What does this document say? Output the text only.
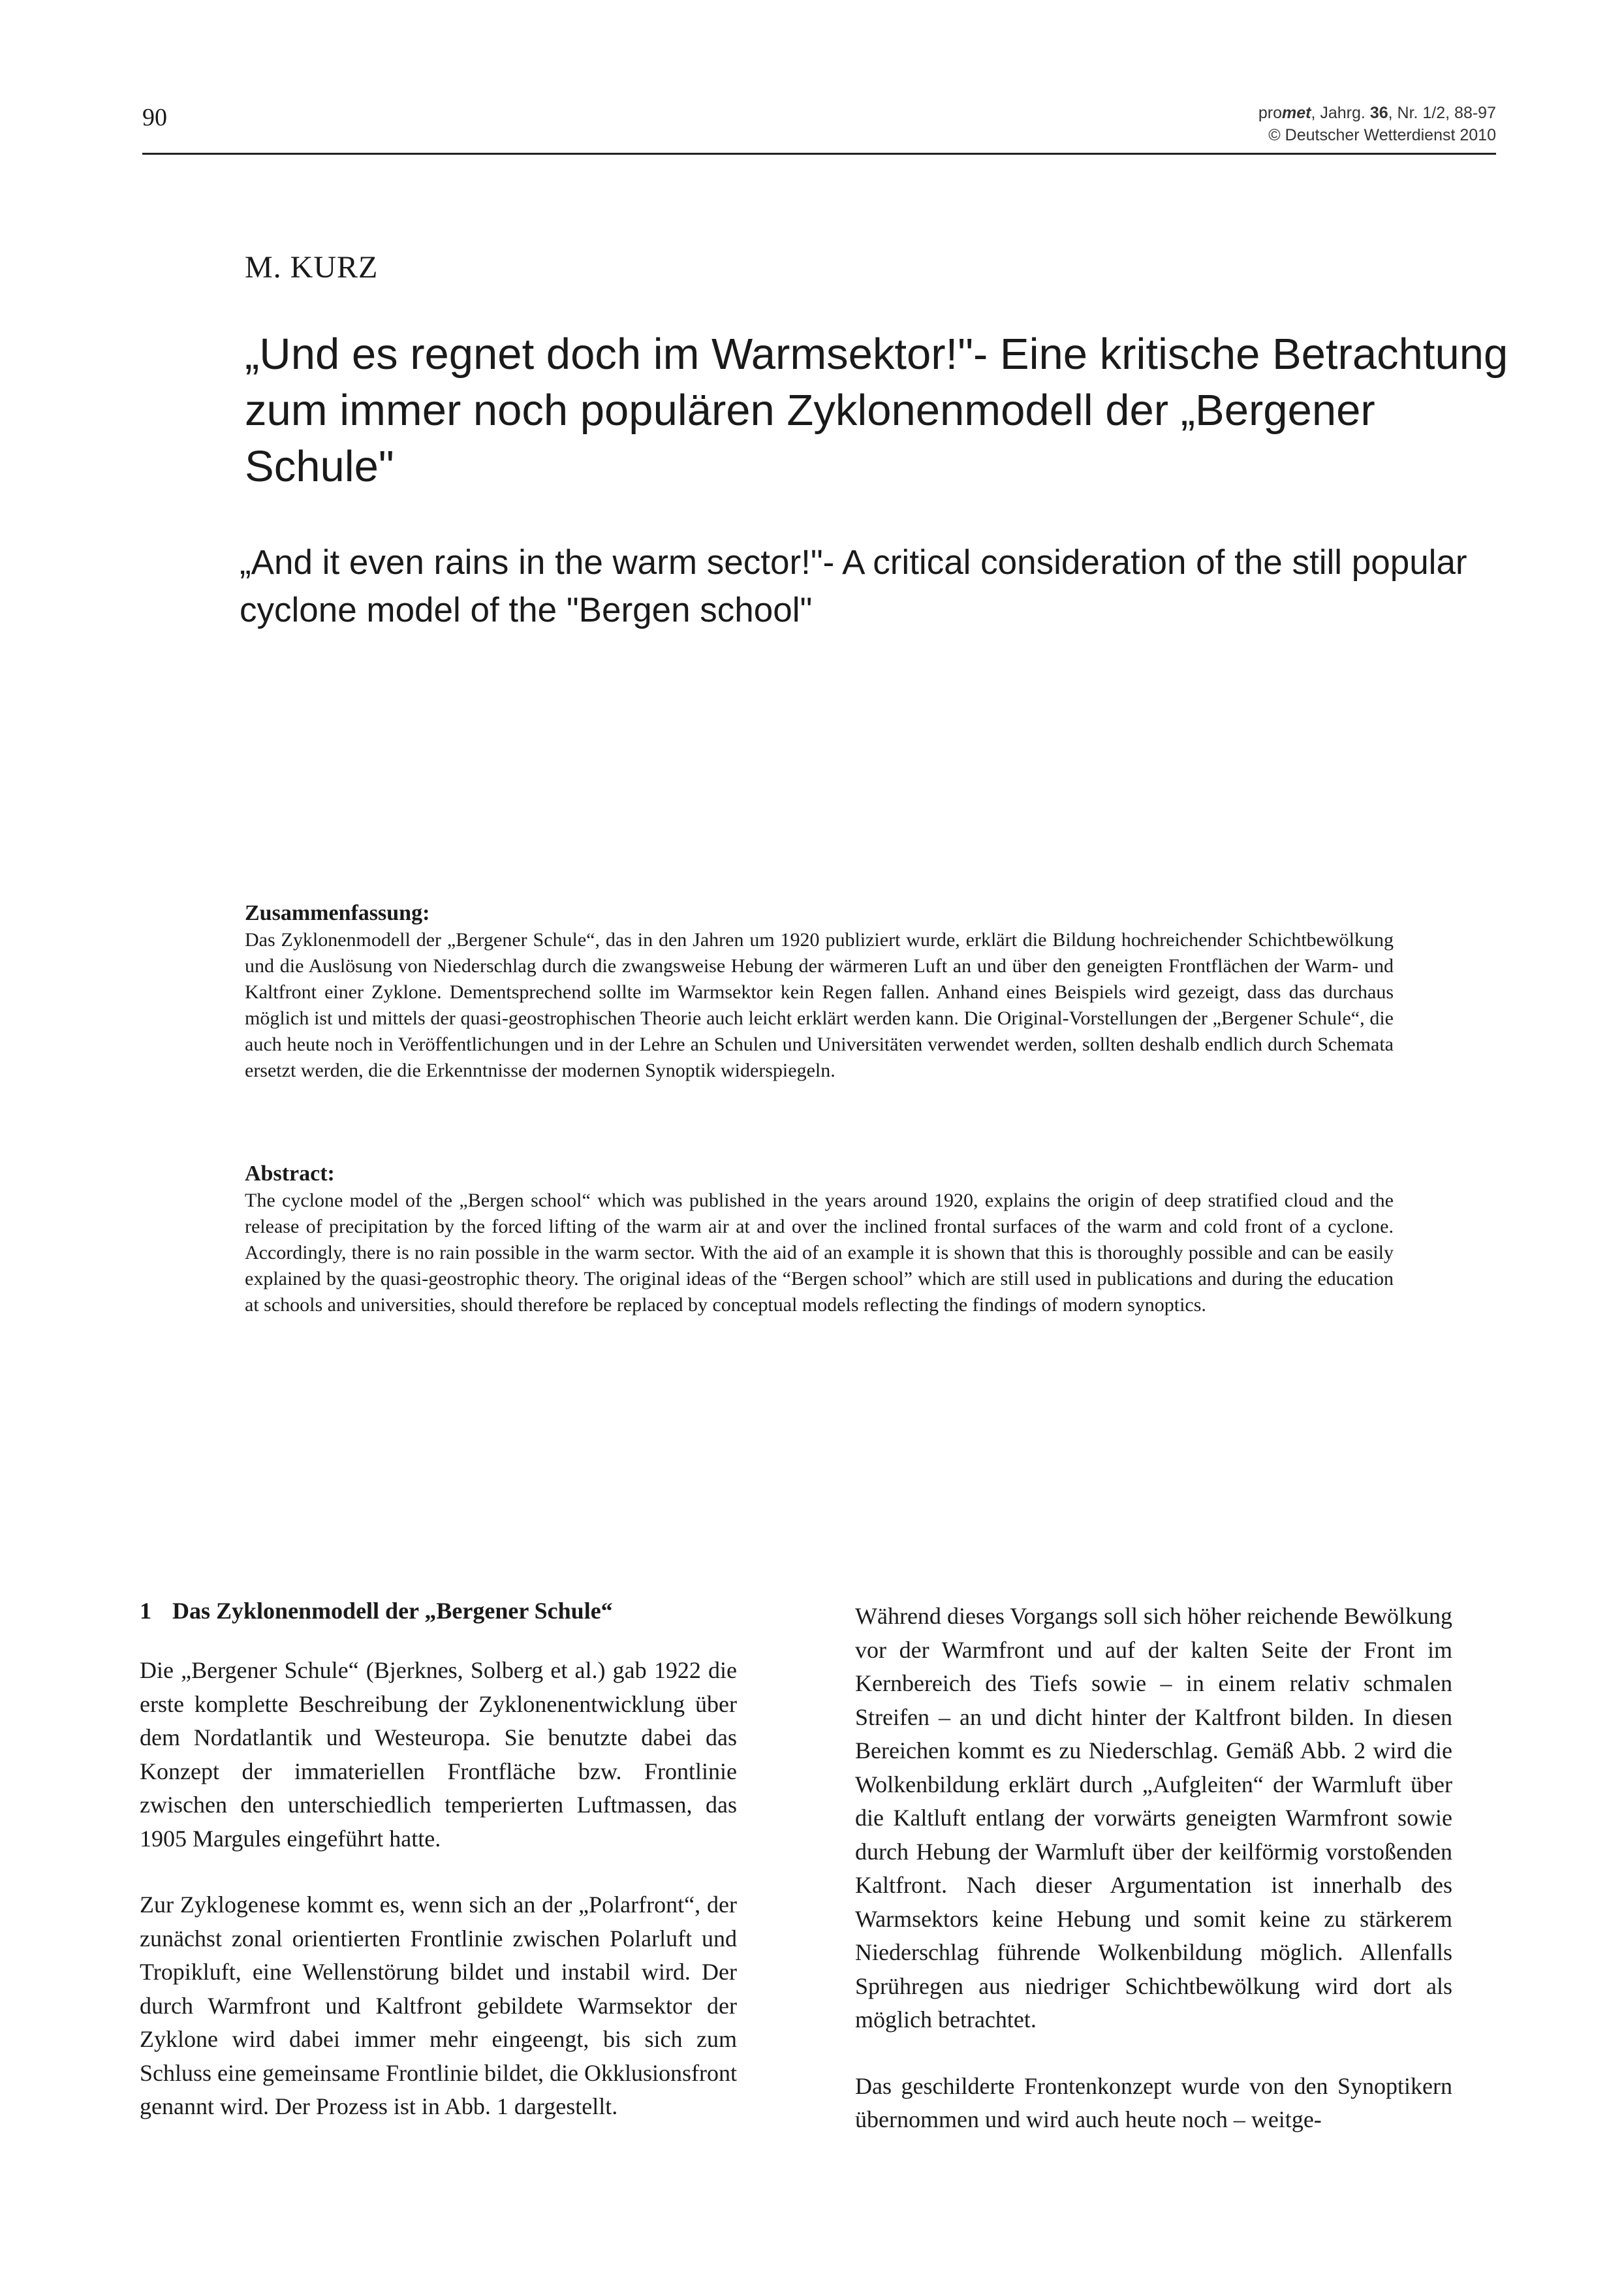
90	promet, Jahrg. 36, Nr. 1/2, 88-97
© Deutscher Wetterdienst 2010
M. KURZ
„Und es regnet doch im Warmsektor!"- Eine kritische Betrachtung zum immer noch populären Zyklonenmodell der „Bergener Schule"
„And it even rains in the warm sector!"- A critical consideration of the still popular cyclone model of the "Bergen school"
Zusammenfassung:

Das Zyklonenmodell der „Bergener Schule“, das in den Jahren um 1920 publiziert wurde, erklärt die Bildung hochreichender Schichtbewölkung und die Auslösung von Niederschlag durch die zwangsweise Hebung der wärmeren Luft an und über den geneigten Frontflächen der Warm- und Kaltfront einer Zyklone. Dementsprechend sollte im Warmsektor kein Regen fallen. Anhand eines Beispiels wird gezeigt, dass das durchaus möglich ist und mittels der quasi-geostrophischen Theorie auch leicht erklärt werden kann. Die Original-Vorstellungen der „Bergener Schule“, die auch heute noch in Veröffentlichungen und in der Lehre an Schulen und Universitäten verwendet werden, sollten deshalb endlich durch Schemata ersetzt werden, die die Erkenntnisse der modernen Synoptik widerspiegeln.

Abstract:

The cyclone model of the „Bergen school“ which was published in the years around 1920, explains the origin of deep stratified cloud and the release of precipitation by the forced lifting of the warm air at and over the inclined frontal surfaces of the warm and cold front of a cyclone. Accordingly, there is no rain possible in the warm sector. With the aid of an example it is shown that this is thoroughly possible and can be easily explained by the quasi-geostrophic theory. The original ideas of the “Bergen school” which are still used in publications and during the education at schools and universities, should therefore be replaced by conceptual models reflecting the findings of modern synoptics.

1 Das Zyklonenmodell der „Bergener Schule“

Die „Bergener Schule“ (Bjerknes, Solberg et al.) gab 1922 die erste komplette Beschreibung der Zyklonenentwicklung über dem Nordatlantik und Westeuropa. Sie benutzte dabei das Konzept der immateriellen Frontfläche bzw. Frontlinie zwischen den unterschiedlich temperierten Luftmassen, das 1905 Margules eingeführt hatte.

Zur Zyklogenese kommt es, wenn sich an der „Polarfront“, der zunächst zonal orientierten Frontlinie zwischen Polarluft und Tropikluft, eine Wellenstörung bildet und instabil wird. Der durch Warmfront und Kaltfront gebildete Warmsektor der Zyklone wird dabei immer mehr eingeengt, bis sich zum Schluss eine gemeinsame Frontlinie bildet, die Okklusionsfront genannt wird. Der Prozess ist in Abb. 1 dargestellt.

Während dieses Vorgangs soll sich höher reichende Bewölkung vor der Warmfront und auf der kalten Seite der Front im Kernbereich des Tiefs sowie – in einem relativ schmalen Streifen – an und dicht hinter der Kaltfront bilden. In diesen Bereichen kommt es zu Niederschlag. Gemäß Abb. 2 wird die Wolkenbildung erklärt durch „Aufgleiten“ der Warmluft über die Kaltluft entlang der vorwärts geneigten Warmfront sowie durch Hebung der Warmluft über der keilförmig vorstoßenden Kaltfront. Nach dieser Argumentation ist innerhalb des Warmsektors keine Hebung und somit keine zu stärkerem Niederschlag führende Wolkenbildung möglich. Allenfalls Sprühregen aus niedriger Schichtbewölkung wird dort als möglich betrachtet.

Das geschilderte Frontenkonzept wurde von den Synoptikern übernommen und wird auch heute noch – weitge-
